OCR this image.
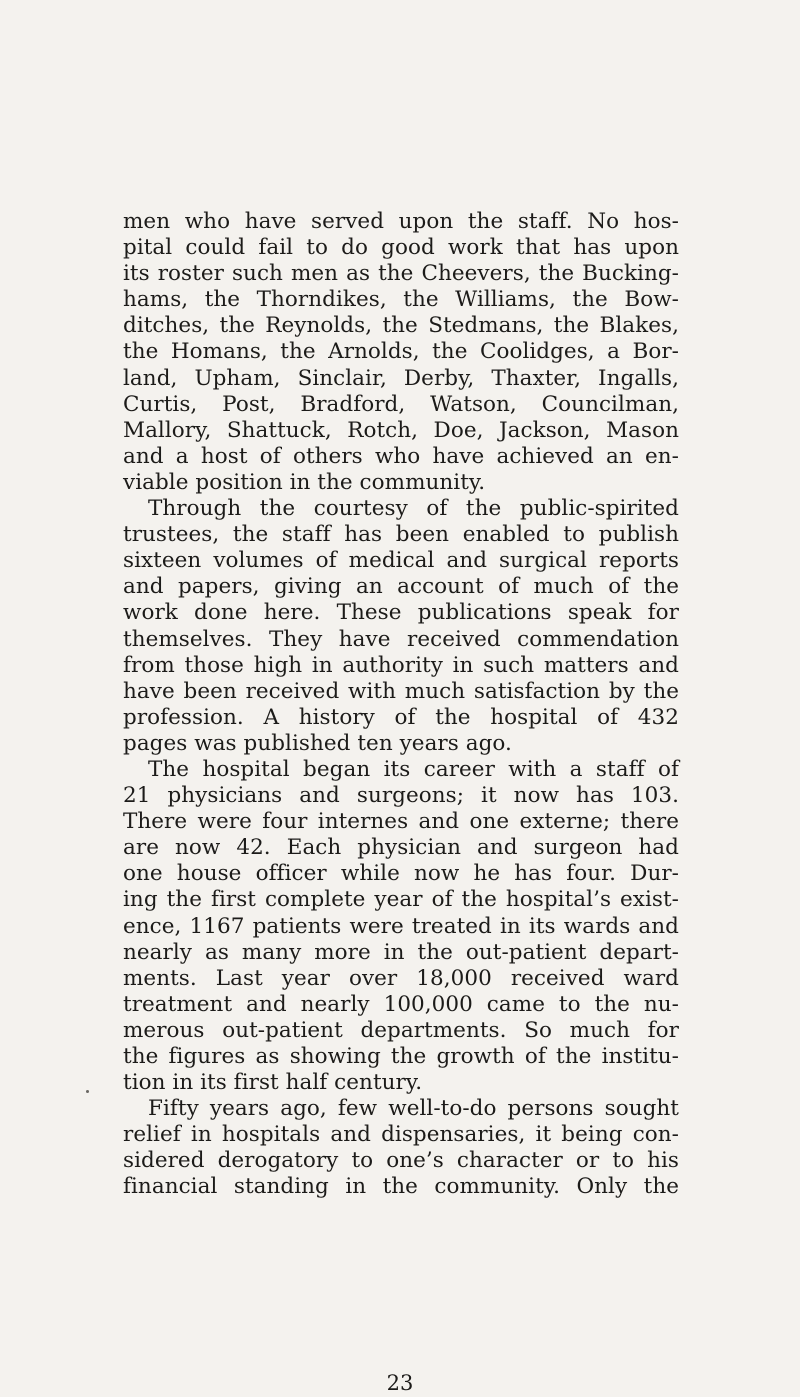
men who have served upon the staff. No hos-
pital could fail to do good work that has upon
its roster such men as the Cheevers, the Bucking-
hams, the Thorndikes, the Williams, the Bow-
ditches, the Reynolds, the Stedmans, the Blakes,
the Homans, the Arnolds, the Coolidges, a Bor-
land, Upham, Sinclair, Derby, Thaxter, Ingalls,
Curtis, Post, Bradford, Watson, Councilman,
Mallory, Shattuck, Rotch, Doe, Jackson, Mason
and a host of others who have achieved an en-
viable position in the community.
Through the courtesy of the public-spirited
trustees, the staff has been enabled to publish
sixteen volumes of medical and surgical reports
and papers, giving an account of much of the
work done here. These publications speak for
themselves. They have received commendation
from those high in authority in such matters and
have been received with much satisfaction by the
profession. A history of the hospital of 432
pages was published ten years ago.
The hospital began its career with a staff of
21 physicians and surgeons; it now has 103.
There were four internes and one externe; there
are now 42. Each physician and surgeon had
one house officer while now he has four. Dur-
ing the first complete year of the hospital’s exist-
ence, 1167 patients were treated in its wards and
nearly as many more in the out-patient depart-
ments. Last year over 18,000 received ward
treatment and nearly 100,000 came to the nu-
merous out-patient departments. So much for
the figures as showing the growth of the institu-
tion in its first half century.
Fifty years ago, few well-to-do persons sought
relief in hospitals and dispensaries, it being con-
sidered derogatory to one’s character or to his
financial standing in the community. Only the
23
